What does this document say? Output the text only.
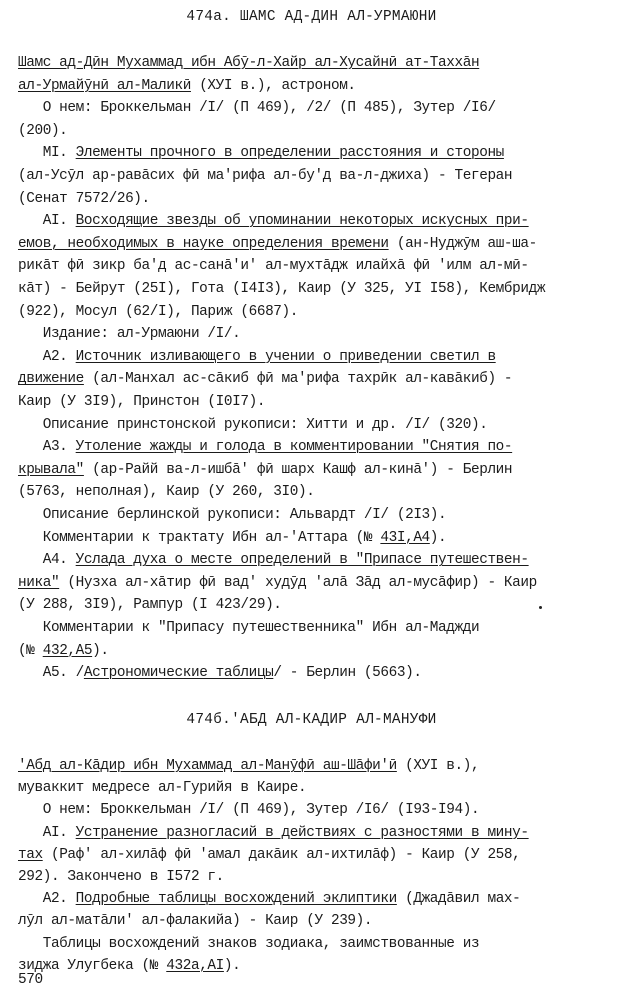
474а. ШАМС АД-ДИН АЛ-УРМАЮНИ
Шамс ад-Дӣн Мухаммад ибн Абӯ-л-Хайр ал-Хусайнӣ ат-Таххāн
ал-Урмайӯнӣ ал-Маликӣ (ХУI в.), астроном.
О нем: Броккельман /I/ (П 469), /2/ (П 485), Зутер /I6/
(200).
МI. Элементы прочного в определении расстояния и стороны
(ал-Усӯл ар-равāсих фӣ ма'рифа ал-бу'д ва-л-джиха) - Тегеран
(Сенат 7572/26).
АI. Восходящие звезды об упоминании некоторых искусных при-
емов, необходимых в науке определения времени (ан-Нуджӯм аш-ша-
рикāт фӣ зикр ба'д ас-санā'и' ал-мухтāдж илайхā фӣ 'илм ал-мӣ-
кāт) - Бейрут (25I), Гота (I4I3), Каир (У 325, УI I58), Кембридж
(922), Мосул (62/I), Париж (6687).
Издание: ал-Урмаюни /I/.
А2. Источник изливающего в учении о приведении светил в
движение (ал-Манхал ас-сāкиб фӣ ма'рифа тахрӣк ал-кавāкиб) -
Каир (У 3I9), Принстон (I0I7).
Описание принстонской рукописи: Хитти и др. /I/ (320).
А3. Утоление жажды и голода в комментировании "Снятия по-
крывала" (ар-Райй ва-л-ишбā' фӣ шарх Кашф ал-кинā') - Берлин
(5763, неполная), Каир (У 260, 3I0).
Описание берлинской рукописи: Альвардт /I/ (2I3).
Комментарии к трактату Ибн ал-'Аттара (№ 43I,А4).
А4. Услада духа о месте определений в "Припасе путешествен-
ника" (Нузха ал-хāтир фӣ вад' худӯд 'алā Зāд ал-мусāфир) - Каир
(У 288, 3I9), Рампур (I 423/29).
Комментарии к "Припасу путешественника" Ибн ал-Маджди
(№ 432,А5).
А5. /Астрономические таблицы/ - Берлин (5663).
474б.'АБД АЛ-КАДИР АЛ-МАНУФИ
'Абд ал-Кāдир ибн Мухаммад ал-Манӯфӣ аш-Шāфи'ӣ (ХУI в.),
муваккит медресе ал-Гурийя в Каире.
О нем: Броккельман /I/ (П 469), Зутер /I6/ (I93-I94).
АI. Устранение разногласий в действиях с разностями в мину-
тах (Раф' ал-хилāф фӣ 'амал дакāик ал-ихтилāф) - Каир (У 258,
292). Закончено в I572 г.
А2. Подробные таблицы восхождений эклиптики (Джадāвил мах-
лӯл ал-матāли' ал-фалакийа) - Каир (У 239).
Таблицы восхождений знаков зодиака, заимствованные из
зиджа Улугбека (№ 432а,АI).
570
